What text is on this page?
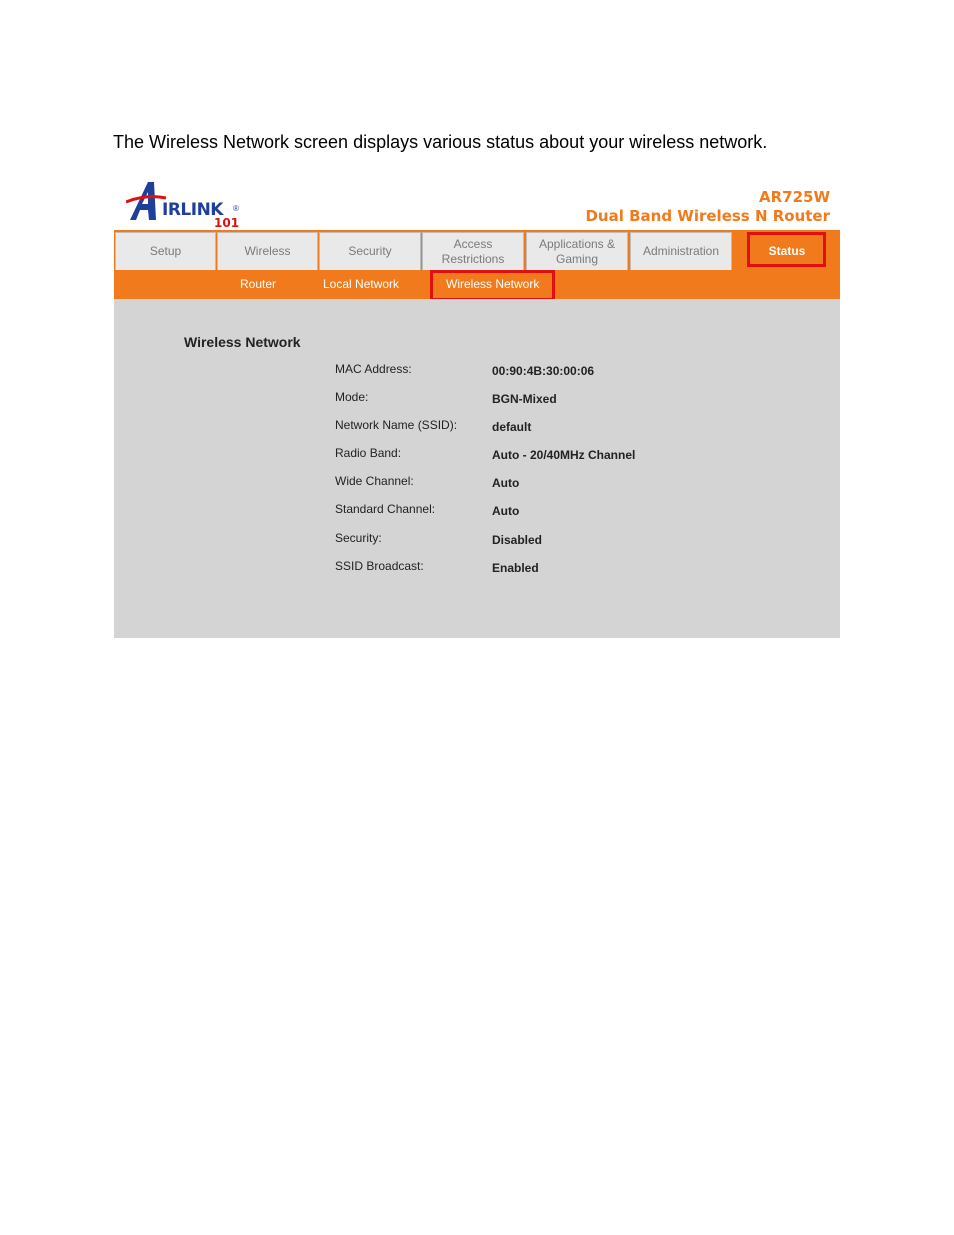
The Wireless Network screen displays various status about your wireless network.

IRLINK
101
®
AR725W
Dual Band Wireless N Router
Setup	Wireless	Security
Access Restrictions
Applications & Gaming
Administration	Status
Router	Local Network	Wireless Network
Wireless Network
MAC Address:	00:90:4B:30:00:06
Mode:	BGN-Mixed
Network Name (SSID):	default
Radio Band:	Auto - 20/40MHz Channel
Wide Channel:	Auto
Standard Channel:	Auto
Security:	Disabled
SSID Broadcast:	Enabled
